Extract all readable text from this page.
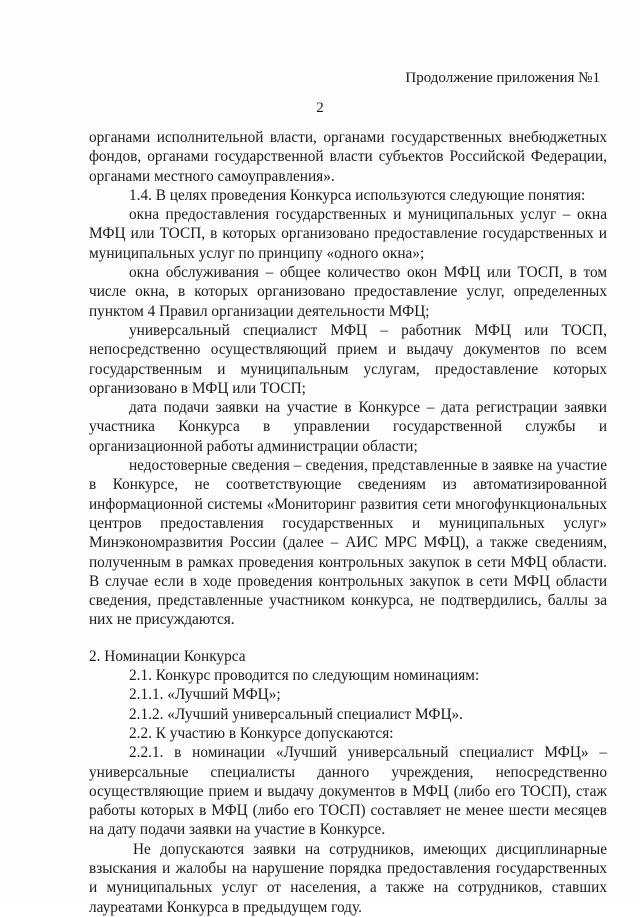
Продолжение приложения №1
2

органами исполнительной власти, органами государственных внебюджетных фондов, органами государственной власти субъектов Российской Федерации, органами местного самоуправления».

1.4. В целях проведения Конкурса используются следующие понятия:

окна предоставления государственных и муниципальных услуг – окна МФЦ или ТОСП, в которых организовано предоставление государственных и муниципальных услуг по принципу «одного окна»;

окна обслуживания – общее количество окон МФЦ или ТОСП, в том числе окна, в которых организовано предоставление услуг, определенных пунктом 4 Правил организации деятельности МФЦ;

универсальный специалист МФЦ – работник МФЦ или ТОСП, непосредственно осуществляющий прием и выдачу документов по всем государственным и муниципальным услугам, предоставление которых организовано в МФЦ или ТОСП;

дата подачи заявки на участие в Конкурсе – дата регистрации заявки участника Конкурса в управлении государственной службы и организационной работы администрации области;

недостоверные сведения – сведения, представленные в заявке на участие в Конкурсе, не соответствующие сведениям из автоматизированной информационной системы «Мониторинг развития сети многофункциональных центров предоставления государственных и муниципальных услуг» Минэкономразвития России (далее – АИС МРС МФЦ), а также сведениям, полученным в рамках проведения контрольных закупок в сети МФЦ области. В случае если в ходе проведения контрольных закупок в сети МФЦ области сведения, представленные участником конкурса, не подтвердились, баллы за них не присуждаются.

2. Номинации Конкурса

2.1. Конкурс проводится по следующим номинациям:

2.1.1. «Лучший МФЦ»;

2.1.2. «Лучший универсальный специалист МФЦ».

2.2. К участию в Конкурсе допускаются:

2.2.1. в номинации «Лучший универсальный специалист МФЦ» – универсальные специалисты данного учреждения, непосредственно осуществляющие прием и выдачу документов в МФЦ (либо его ТОСП), стаж работы которых в МФЦ (либо его ТОСП) составляет не менее шести месяцев на дату подачи заявки на участие в Конкурсе.

Не допускаются заявки на сотрудников, имеющих дисциплинарные взыскания и жалобы на нарушение порядка предоставления государственных и муниципальных услуг от населения, а также на сотрудников, ставших лауреатами Конкурса в предыдущем году.
